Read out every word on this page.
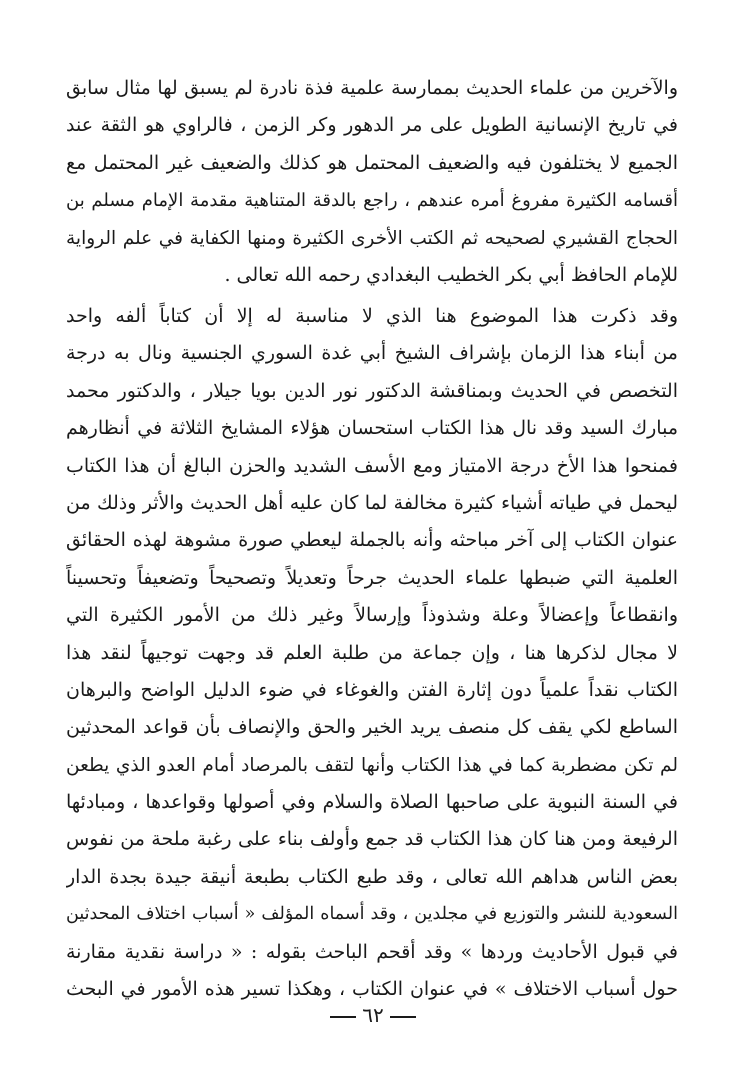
والآخرين من علماء الحديث بممارسة علمية فذة نادرة لم يسبق لها مثال سابق
في تاريخ الإنسانية الطويل على مر الدهور وكر الزمن ، فالراوي هو الثقة عند
الجميع لا يختلفون فيه والضعيف المحتمل هو كذلك والضعيف غير المحتمل مع
أقسامه الكثيرة مفروغ أمره عندهم ، راجع بالدقة المتناهية مقدمة الإمام مسلم بن
الحجاج القشيري لصحيحه ثم الكتب الأخرى الكثيرة ومنها الكفاية في علم الرواية
للإمام الحافظ أبي بكر الخطيب البغدادي رحمه الله تعالى .
وقد ذكرت هذا الموضوع هنا الذي لا مناسبة له إلا أن كتاباً ألفه واحد
من أبناء هذا الزمان بإشراف الشيخ أبي غدة السوري الجنسية ونال به درجة
التخصص في الحديث وبمناقشة الدكتور نور الدين بويا جيلار ، والدكتور محمد
مبارك السيد وقد نال هذا الكتاب استحسان هؤلاء المشايخ الثلاثة في أنظارهم
فمنحوا هذا الأخ درجة الامتياز ومع الأسف الشديد والحزن البالغ أن هذا الكتاب
ليحمل في طياته أشياء كثيرة مخالفة لما كان عليه أهل الحديث والأثر وذلك من
عنوان الكتاب إلى آخر مباحثه وأنه بالجملة ليعطي صورة مشوهة لهذه الحقائق
العلمية التي ضبطها علماء الحديث جرحاً وتعديلاً وتصحيحاً وتضعيفاً وتحسيناً
وانقطاعاً وإعضالاً وعلة وشذوذاً وإرسالاً وغير ذلك من الأمور الكثيرة التي
لا مجال لذكرها هنا ، وإن جماعة من طلبة العلم قد وجهت توجيهاً لنقد هذا
الكتاب نقداً علمياً دون إثارة الفتن والغوغاء في ضوء الدليل الواضح والبرهان
الساطع لكي يقف كل منصف يريد الخير والحق والإنصاف بأن قواعد المحدثين
لم تكن مضطربة كما في هذا الكتاب وأنها لتقف بالمرصاد أمام العدو الذي يطعن
في السنة النبوية على صاحبها الصلاة والسلام وفي أصولها وقواعدها ، ومبادئها
الرفيعة ومن هنا كان هذا الكتاب قد جمع وأولف بناء على رغبة ملحة من نفوس
بعض الناس هداهم الله تعالى ، وقد طبع الكتاب بطبعة أنيقة جيدة بجدة الدار
السعودية للنشر والتوزيع في مجلدين ، وقد أسماه المؤلف « أسباب اختلاف المحدثين
في قبول الأحاديث وردها » وقد أقحم الباحث بقوله : « دراسة نقدية مقارنة
حول أسباب الاختلاف » في عنوان الكتاب ، وهكذا تسير هذه الأمور في البحث
٦٢
